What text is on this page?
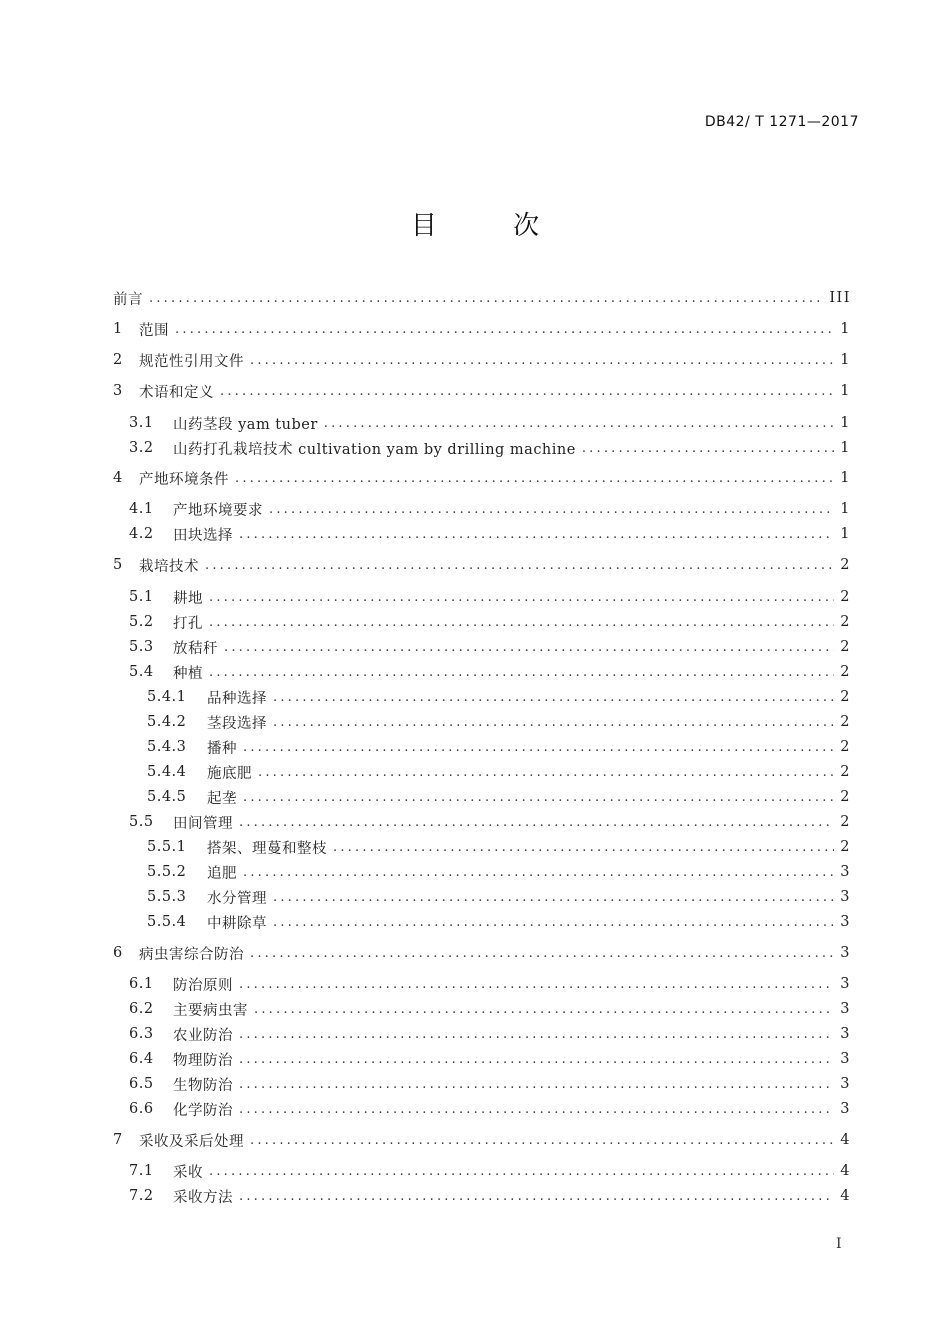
DB42/ T 1271—2017
目 次
前言 .....	III
1	范围 .....	1
2	规范性引用文件 .....	1
3	术语和定义 .....	1
3.1	山药茎段 yam tuber .....	1
3.2	山药打孔栽培技术 cultivation yam by drilling machine .....	1
4	产地环境条件 .....	1
4.1	产地环境要求 .....	1
4.2	田块选择 .....	1
5	栽培技术 .....	2
5.1	耕地 .....	2
5.2	打孔 .....	2
5.3	放秸秆 .....	2
5.4	种植 .....	2
5.4.1	品种选择 .....	2
5.4.2	茎段选择 .....	2
5.4.3	播种 .....	2
5.4.4	施底肥 .....	2
5.4.5	起垄 .....	2
5.5	田间管理 .....	2
5.5.1	搭架、理蔓和整枝 .....	2
5.5.2	追肥 .....	3
5.5.3	水分管理 .....	3
5.5.4	中耕除草 .....	3
6	病虫害综合防治 .....	3
6.1	防治原则 .....	3
6.2	主要病虫害 .....	3
6.3	农业防治 .....	3
6.4	物理防治 .....	3
6.5	生物防治 .....	3
6.6	化学防治 .....	3
7	采收及采后处理 .....	4
7.1	采收 .....	4
7.2	采收方法 .....	4
I
